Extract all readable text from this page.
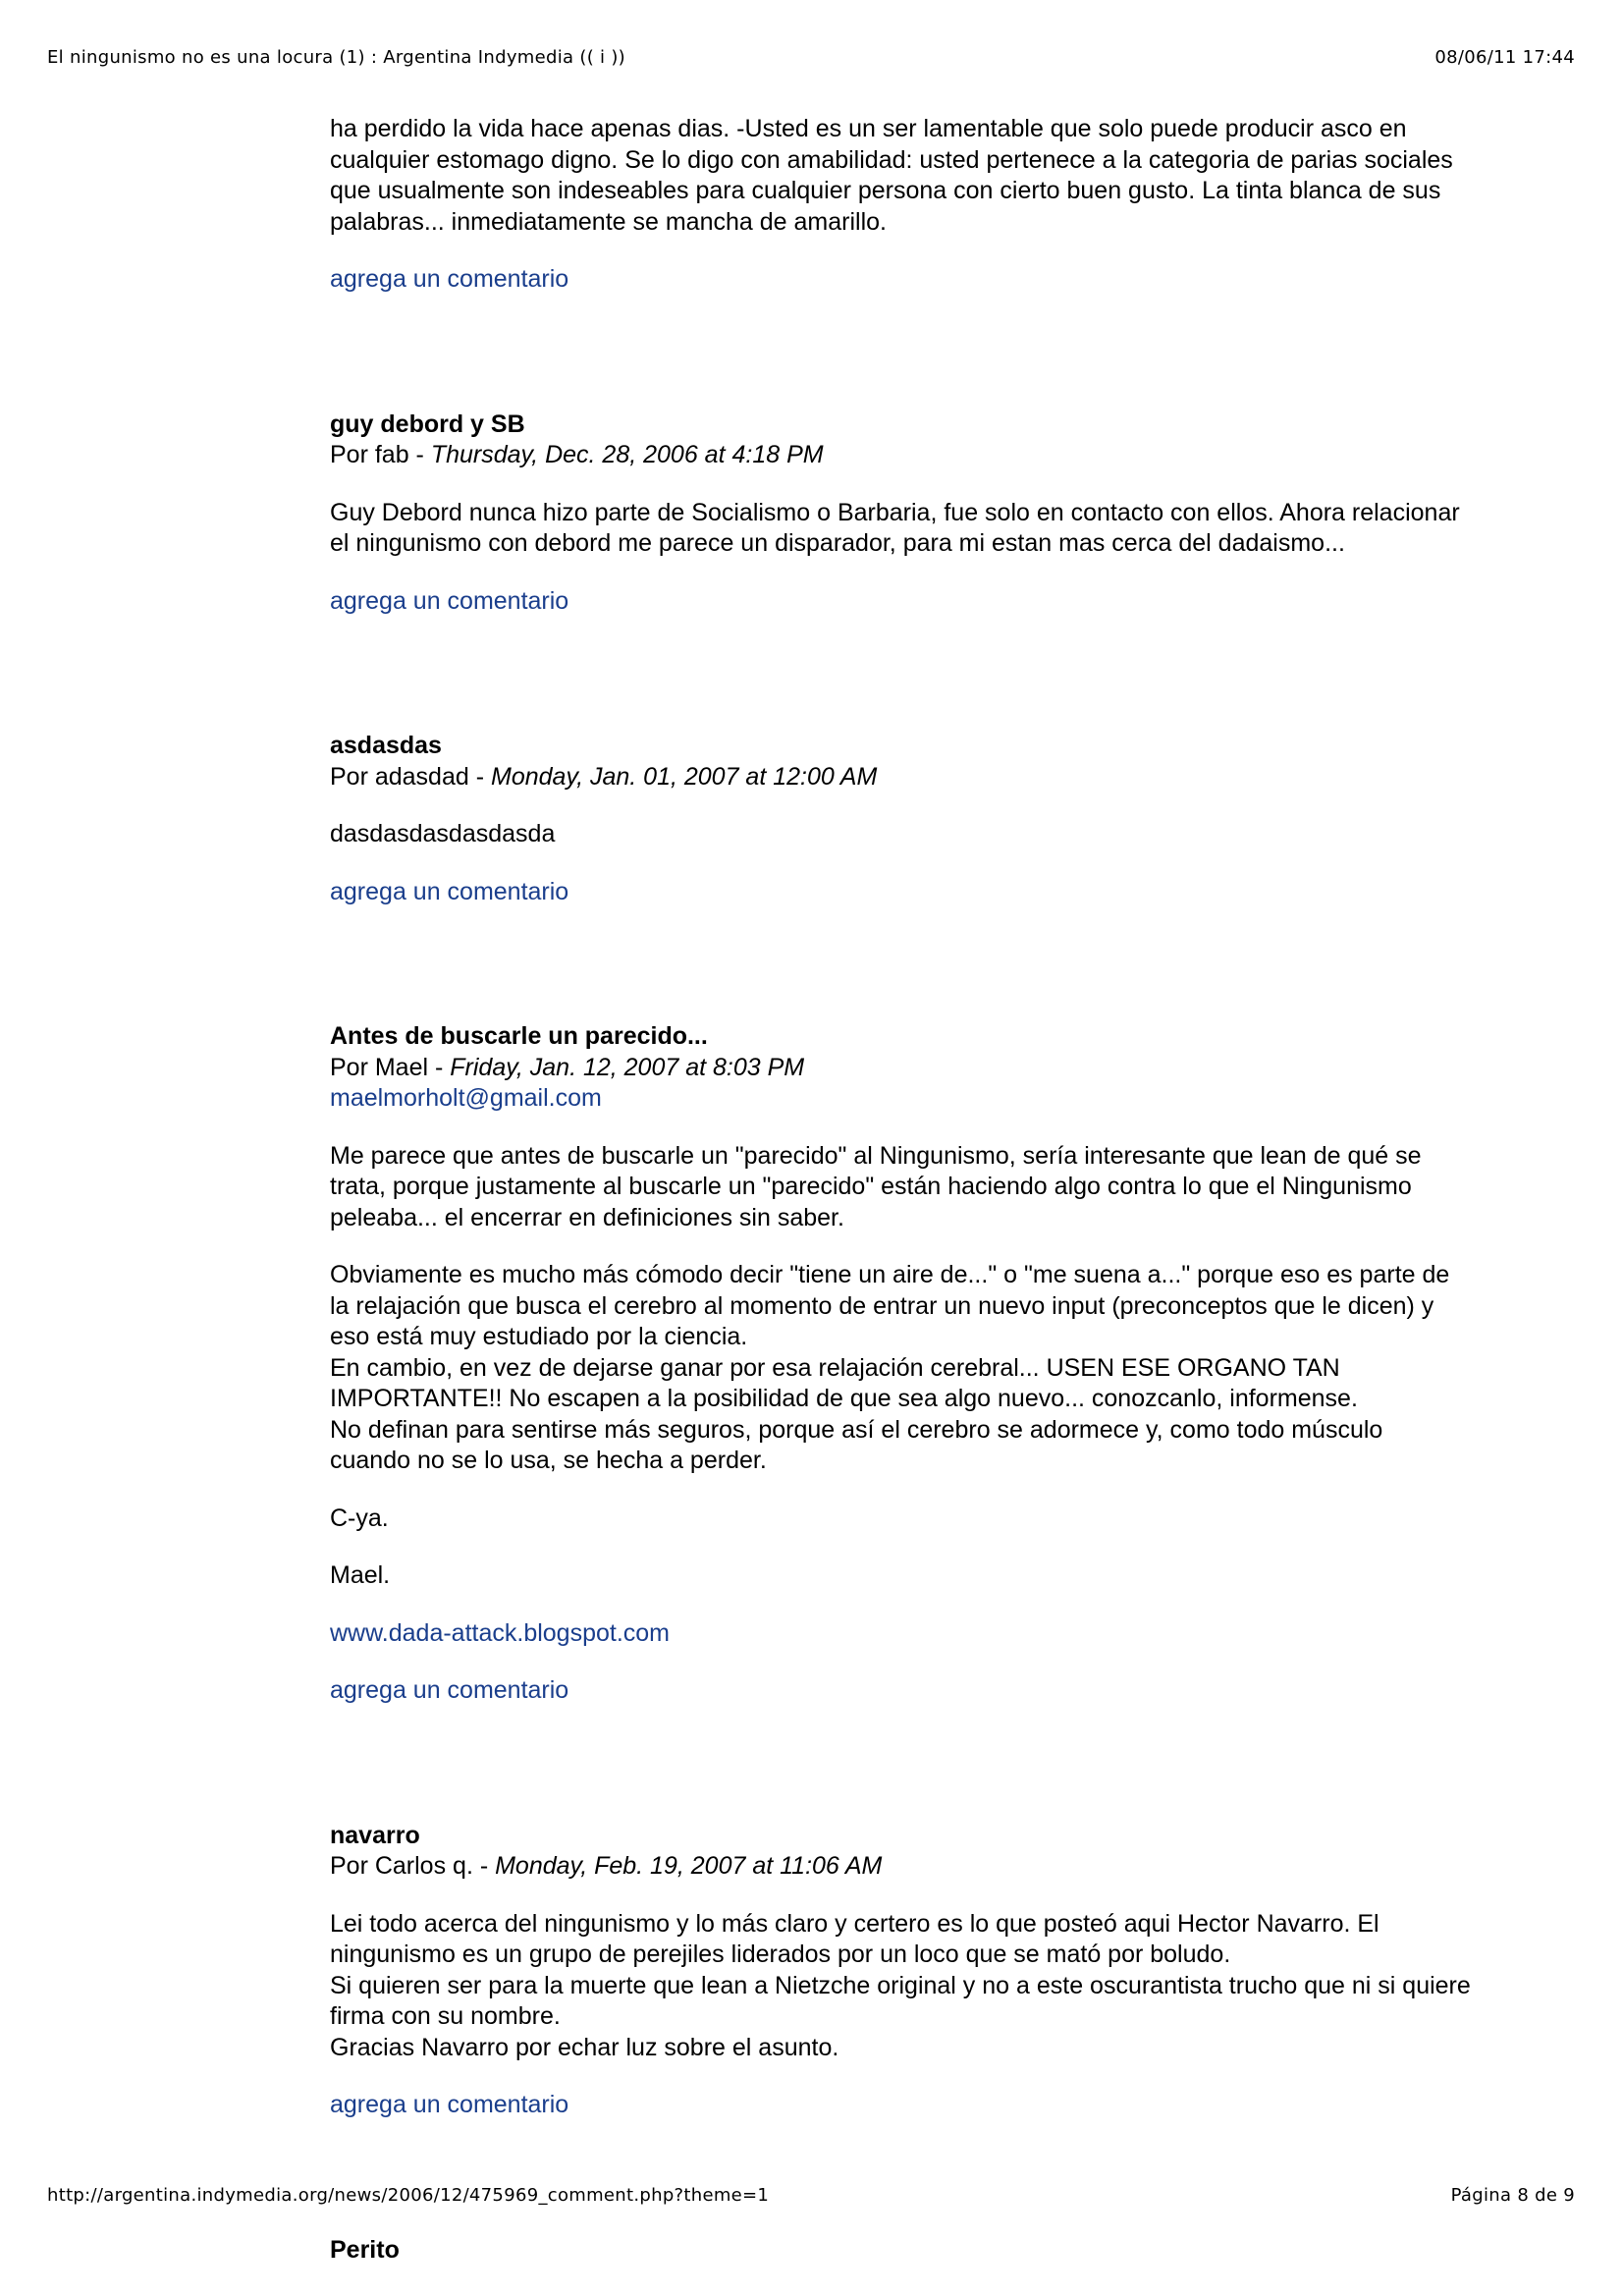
El ningunismo no es una locura (1) : Argentina Indymedia (( i ))	08/06/11 17:44

ha perdido la vida hace apenas dias. -Usted es un ser lamentable que solo puede producir asco en

cualquier estomago digno. Se lo digo con amabilidad: usted pertenece a la categoria de parias sociales

que usualmente son indeseables para cualquier persona con cierto buen gusto. La tinta blanca de sus

palabras... inmediatamente se mancha de amarillo.

agrega un comentario

guy debord y SB

Por fab - Thursday, Dec. 28, 2006 at 4:18 PM

Guy Debord nunca hizo parte de Socialismo o Barbaria, fue solo en contacto con ellos. Ahora relacionar

el ningunismo con debord me parece un disparador, para mi estan mas cerca del dadaismo...

agrega un comentario

asdasdas

Por adasdad - Monday, Jan. 01, 2007 at 12:00 AM

dasdasdasdasdasda

agrega un comentario

Antes de buscarle un parecido...

Por Mael - Friday, Jan. 12, 2007 at 8:03 PM

maelmorholt@gmail.com

Me parece que antes de buscarle un "parecido" al Ningunismo, sería interesante que lean de qué se

trata, porque justamente al buscarle un "parecido" están haciendo algo contra lo que el Ningunismo

peleaba... el encerrar en definiciones sin saber.

Obviamente es mucho más cómodo decir "tiene un aire de..." o "me suena a..." porque eso es parte de

la relajación que busca el cerebro al momento de entrar un nuevo input (preconceptos que le dicen) y

eso está muy estudiado por la ciencia.

En cambio, en vez de dejarse ganar por esa relajación cerebral... USEN ESE ORGANO TAN

IMPORTANTE!! No escapen a la posibilidad de que sea algo nuevo... conozcanlo, informense.

No definan para sentirse más seguros, porque así el cerebro se adormece y, como todo músculo

cuando no se lo usa, se hecha a perder.

C-ya.

Mael.

www.dada-attack.blogspot.com

agrega un comentario

navarro

Por Carlos q. - Monday, Feb. 19, 2007 at 11:06 AM

Lei todo acerca del ningunismo y lo más claro y certero es lo que posteó aqui Hector Navarro. El

ningunismo es un grupo de perejiles liderados por un loco que se mató por boludo.

Si quieren ser para la muerte que lean a Nietzche original y no a este oscurantista trucho que ni si quiere

firma con su nombre.

Gracias Navarro por echar luz sobre el asunto.

agrega un comentario

Perito

http://argentina.indymedia.org/news/2006/12/475969_comment.php?theme=1	Página 8 de 9
